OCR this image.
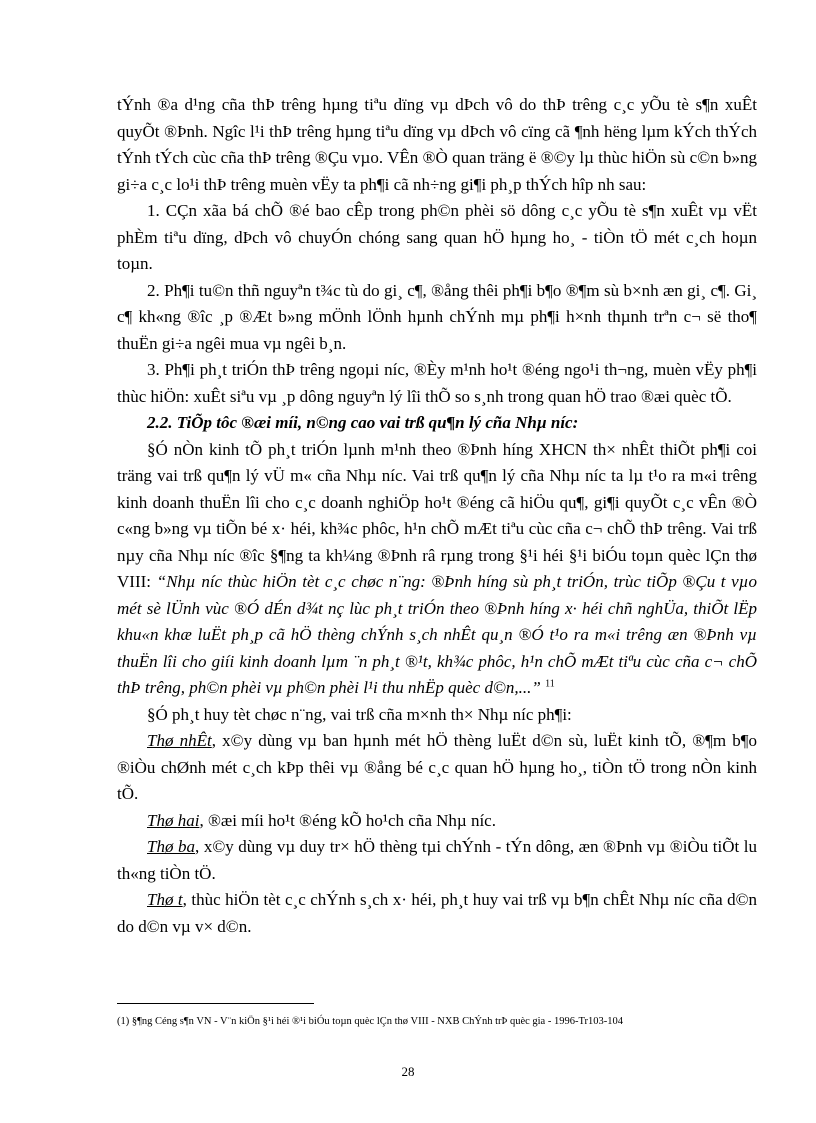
tÝnh ®a d¹ng cña thÞ trêng hµng tiªu dïng vµ dÞch vô do thÞ trêng c¸c yÕu tè s¶n xuÊt quyÕt ®Þnh. Ngîc l¹i thÞ trêng hµng tiªu dïng vµ dÞch vô cïng cã ¶nh hëng lµm kÝch thÝch tÝnh tÝch cùc cña thÞ trêng ®Çu vµo. VÊn ®Ò quan träng ë ®©y lµ thùc hiÖn sù c©n b»ng gi÷a c¸c lo¹i thÞ trêng muèn vËy ta ph¶i cã nh÷ng gi¶i ph¸p thÝch hîp nh sau:

1. CÇn xãa bá chÕ ®é bao cÊp trong ph©n phèi sö dông c¸c yÕu tè s¶n xuÊt vµ vËt phÈm tiªu dïng, dÞch vô chuyÓn chóng sang quan hÖ hµng ho¸ - tiÒn tÖ mét c¸ch hoµn toµn.

2. Ph¶i tu©n thñ nguyªn t¾c tù do gi¸ c¶, ®ång thêi ph¶i b¶o ®¶m sù b×nh æn gi¸ c¶. Gi¸ c¶ kh«ng ®îc ¸p ®Æt b»ng mÖnh lÖnh hµnh chÝnh mµ ph¶i h×nh thµnh trªn c¬ së tho¶ thuËn gi÷a ngêi mua vµ ngêi b¸n.

3. Ph¶i ph¸t triÓn thÞ trêng ngoµi níc, ®Èy m¹nh ho¹t ®éng ngo¹i th¬ng, muèn vËy ph¶i thùc hiÖn: xuÊt siªu vµ ¸p dông nguyªn lý lîi thÕ so s¸nh trong quan hÖ trao ®æi quèc tÕ.

2.2. TiÕp tôc ®æi míi, n©ng cao vai trß qu¶n lý cña Nhµ níc:

§Ó nÒn kinh tÕ ph¸t triÓn lµnh m¹nh theo ®Þnh híng XHCN th× nhÊt thiÕt ph¶i coi träng vai trß qu¶n lý vÜ m« cña Nhµ níc. Vai trß qu¶n lý cña Nhµ níc ta lµ t¹o ra m«i trêng kinh doanh thuËn lîi cho c¸c doanh nghiÖp ho¹t ®éng cã hiÖu qu¶, gi¶i quyÕt c¸c vÊn ®Ò c«ng b»ng vµ tiÕn bé x· héi, kh¾c phôc, h¹n chÕ mÆt tiªu cùc cña c¬ chÕ thÞ trêng. Vai trß nµy cña Nhµ níc ®îc §¶ng ta kh¼ng ®Þnh râ rµng trong §¹i héi §¹i biÓu toµn quèc lÇn thø VIII: “Nhµ níc thùc hiÖn tèt c¸c chøc n¨ng: ®Þnh híng sù ph¸t triÓn, trùc tiÕp ®Çu t vµo mét sè lÜnh vùc ®Ó dÉn d¾t nç lùc ph¸t triÓn theo ®Þnh híng x· héi chñ nghÜa, thiÕt lËp khu«n khæ luËt ph¸p cã hÖ thèng chÝnh s¸ch nhÊt qu¸n ®Ó t¹o ra m«i trêng æn ®Þnh vµ thuËn lîi cho giíi kinh doanh lµm ¨n ph¸t ®¹t, kh¾c phôc, h¹n chÕ mÆt tiªu cùc cña c¬ chÕ thÞ trêng, ph©n phèi vµ ph©n phèi l¹i thu nhËp quèc d©n,...” $^{11}$

§Ó ph¸t huy tèt chøc n¨ng, vai trß cña m×nh th× Nhµ níc ph¶i:

Thø nhÊt, x©y dùng vµ ban hµnh mét hÖ thèng luËt d©n sù, luËt kinh tÕ, ®¶m b¶o ®iÒu chØnh mét c¸ch kÞp thêi vµ ®ång bé c¸c quan hÖ hµng ho¸, tiÒn tÖ trong nÒn kinh tÕ.

Thø hai, ®æi míi ho¹t ®éng kÕ ho¹ch cña Nhµ níc.

Thø ba, x©y dùng vµ duy tr× hÖ thèng tµi chÝnh - tÝn dông, æn ®Þnh vµ ®iÒu tiÕt lu th«ng tiÒn tÖ.

Thø t, thùc hiÖn tèt c¸c chÝnh s¸ch x· héi, ph¸t huy vai trß vµ b¶n chÊt Nhµ níc cña d©n do d©n vµ v× d©n.

(1) §¶ng Céng s¶n VN - V¨n kiÖn §¹i héi ®¹i biÓu toµn quèc lÇn thø VIII - NXB ChÝnh trÞ quèc gia - 1996-Tr103-104
28
